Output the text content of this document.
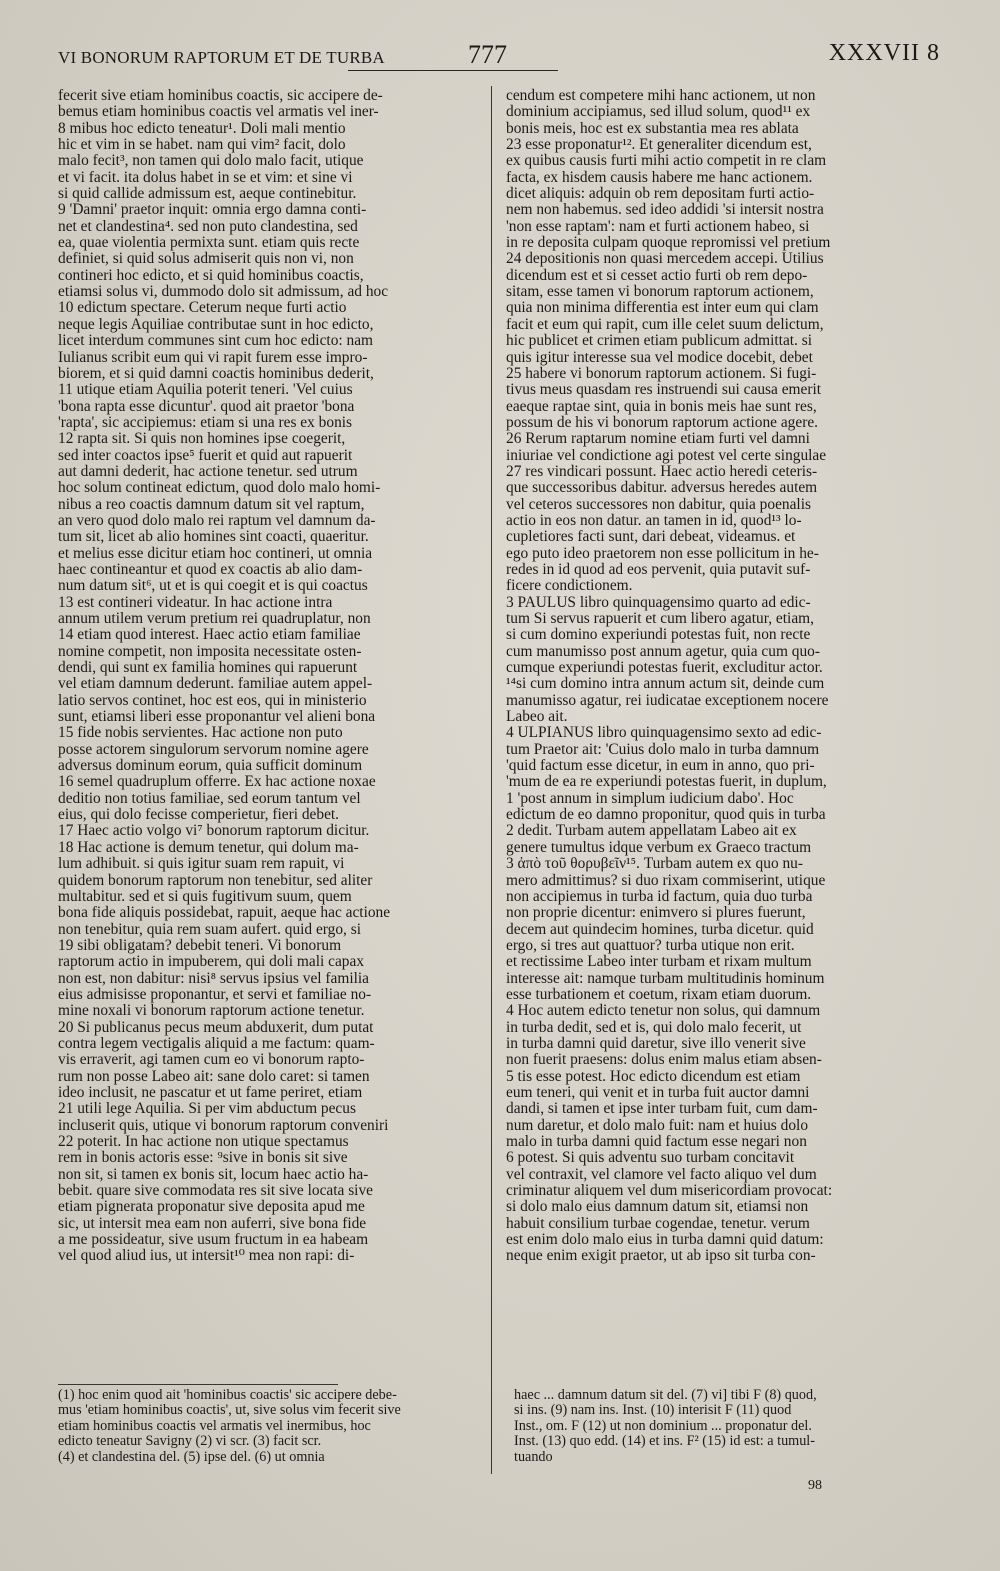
VI BONORUM RAPTORUM ET DE TURBA	777	XXXVII 8

fecerit sive etiam hominibus coactis, sic accipere de-

bemus etiam hominibus coactis vel armatis vel iner-

8 mibus hoc edicto teneatur¹. Doli mali mentio

hic et vim in se habet. nam qui vim² facit, dolo

malo fecit³, non tamen qui dolo malo facit, utique

et vi facit. ita dolus habet in se et vim: et sine vi

si quid callide admissum est, aeque continebitur.

9 'Damni' praetor inquit: omnia ergo damna conti-

net et clandestina⁴. sed non puto clandestina, sed

ea, quae violentia permixta sunt. etiam quis recte

definiet, si quid solus admiserit quis non vi, non

contineri hoc edicto, et si quid hominibus coactis,

etiamsi solus vi, dummodo dolo sit admissum, ad hoc

10 edictum spectare. Ceterum neque furti actio

neque legis Aquiliae contributae sunt in hoc edicto,

licet interdum communes sint cum hoc edicto: nam

Iulianus scribit eum qui vi rapit furem esse impro-

biorem, et si quid damni coactis hominibus dederit,

11 utique etiam Aquilia poterit teneri. 'Vel cuius

'bona rapta esse dicuntur'. quod ait praetor 'bona

'rapta', sic accipiemus: etiam si una res ex bonis

12 rapta sit. Si quis non homines ipse coegerit,

sed inter coactos ipse⁵ fuerit et quid aut rapuerit

aut damni dederit, hac actione tenetur. sed utrum

hoc solum contineat edictum, quod dolo malo homi-

nibus a reo coactis damnum datum sit vel raptum,

an vero quod dolo malo rei raptum vel damnum da-

tum sit, licet ab alio homines sint coacti, quaeritur.

et melius esse dicitur etiam hoc contineri, ut omnia

haec contineantur et quod ex coactis ab alio dam-

num datum sit⁶, ut et is qui coegit et is qui coactus

13 est contineri videatur. In hac actione intra

annum utilem verum pretium rei quadruplatur, non

14 etiam quod interest. Haec actio etiam familiae

nomine competit, non imposita necessitate osten-

dendi, qui sunt ex familia homines qui rapuerunt

vel etiam damnum dederunt. familiae autem appel-

latio servos continet, hoc est eos, qui in ministerio

sunt, etiamsi liberi esse proponantur vel alieni bona

15 fide nobis servientes. Hac actione non puto

posse actorem singulorum servorum nomine agere

adversus dominum eorum, quia sufficit dominum

16 semel quadruplum offerre. Ex hac actione noxae

deditio non totius familiae, sed eorum tantum vel

eius, qui dolo fecisse comperietur, fieri debet.

17 Haec actio volgo vi⁷ bonorum raptorum dicitur.

18 Hac actione is demum tenetur, qui dolum ma-

lum adhibuit. si quis igitur suam rem rapuit, vi

quidem bonorum raptorum non tenebitur, sed aliter

multabitur. sed et si quis fugitivum suum, quem

bona fide aliquis possidebat, rapuit, aeque hac actione

non tenebitur, quia rem suam aufert. quid ergo, si

19 sibi obligatam? debebit teneri. Vi bonorum

raptorum actio in impuberem, qui doli mali capax

non est, non dabitur: nisi⁸ servus ipsius vel familia

eius admisisse proponantur, et servi et familiae no-

mine noxali vi bonorum raptorum actione tenetur.

20 Si publicanus pecus meum abduxerit, dum putat

contra legem vectigalis aliquid a me factum: quam-

vis erraverit, agi tamen cum eo vi bonorum rapto-

rum non posse Labeo ait: sane dolo caret: si tamen

ideo inclusit, ne pascatur et ut fame periret, etiam

21 utili lege Aquilia. Si per vim abductum pecus

incluserit quis, utique vi bonorum raptorum conveniri

22 poterit. In hac actione non utique spectamus

rem in bonis actoris esse: ⁹sive in bonis sit sive

non sit, si tamen ex bonis sit, locum haec actio ha-

bebit. quare sive commodata res sit sive locata sive

etiam pignerata proponatur sive deposita apud me

sic, ut intersit mea eam non auferri, sive bona fide

a me possideatur, sive usum fructum in ea habeam

vel quod aliud ius, ut intersit¹⁰ mea non rapi: di-

cendum est competere mihi hanc actionem, ut non

dominium accipiamus, sed illud solum, quod¹¹ ex

bonis meis, hoc est ex substantia mea res ablata

23 esse proponatur¹². Et generaliter dicendum est,

ex quibus causis furti mihi actio competit in re clam

facta, ex hisdem causis habere me hanc actionem.

dicet aliquis: adquin ob rem depositam furti actio-

nem non habemus. sed ideo addidi 'si intersit nostra

'non esse raptam': nam et furti actionem habeo, si

in re deposita culpam quoque repromissi vel pretium

24 depositionis non quasi mercedem accepi. Utilius

dicendum est et si cesset actio furti ob rem depo-

sitam, esse tamen vi bonorum raptorum actionem,

quia non minima differentia est inter eum qui clam

facit et eum qui rapit, cum ille celet suum delictum,

hic publicet et crimen etiam publicum admittat. si

quis igitur interesse sua vel modice docebit, debet

25 habere vi bonorum raptorum actionem. Si fugi-

tivus meus quasdam res instruendi sui causa emerit

eaeque raptae sint, quia in bonis meis hae sunt res,

possum de his vi bonorum raptorum actione agere.

26 Rerum raptarum nomine etiam furti vel damni

iniuriae vel condictione agi potest vel certe singulae

27 res vindicari possunt. Haec actio heredi ceteris-

que successoribus dabitur. adversus heredes autem

vel ceteros successores non dabitur, quia poenalis

actio in eos non datur. an tamen in id, quod¹³ lo-

cupletiores facti sunt, dari debeat, videamus. et

ego puto ideo praetorem non esse pollicitum in he-

redes in id quod ad eos pervenit, quia putavit suf-

ficere condictionem.

3 PAULUS libro quinquagensimo quarto ad edic-

tum Si servus rapuerit et cum libero agatur, etiam,

si cum domino experiundi potestas fuit, non recte

cum manumisso post annum agetur, quia cum quo-

cumque experiundi potestas fuerit, excluditur actor.

¹⁴si cum domino intra annum actum sit, deinde cum

manumisso agatur, rei iudicatae exceptionem nocere

Labeo ait.

4 ULPIANUS libro quinquagensimo sexto ad edic-

tum Praetor ait: 'Cuius dolo malo in turba damnum

'quid factum esse dicetur, in eum in anno, quo pri-

'mum de ea re experiundi potestas fuerit, in duplum,

1 'post annum in simplum iudicium dabo'. Hoc

edictum de eo damno proponitur, quod quis in turba

2 dedit. Turbam autem appellatam Labeo ait ex

genere tumultus idque verbum ex Graeco tractum

3 ἀπὸ τοῦ θορυβεῖν¹⁵. Turbam autem ex quo nu-

mero admittimus? si duo rixam commiserint, utique

non accipiemus in turba id factum, quia duo turba

non proprie dicentur: enimvero si plures fuerunt,

decem aut quindecim homines, turba dicetur. quid

ergo, si tres aut quattuor? turba utique non erit.

et rectissime Labeo inter turbam et rixam multum

interesse ait: namque turbam multitudinis hominum

esse turbationem et coetum, rixam etiam duorum.

4 Hoc autem edicto tenetur non solus, qui damnum

in turba dedit, sed et is, qui dolo malo fecerit, ut

in turba damni quid daretur, sive illo venerit sive

non fuerit praesens: dolus enim malus etiam absen-

5 tis esse potest. Hoc edicto dicendum est etiam

eum teneri, qui venit et in turba fuit auctor damni

dandi, si tamen et ipse inter turbam fuit, cum dam-

num daretur, et dolo malo fuit: nam et huius dolo

malo in turba damni quid factum esse negari non

6 potest. Si quis adventu suo turbam concitavit

vel contraxit, vel clamore vel facto aliquo vel dum

criminatur aliquem vel dum misericordiam provocat:

si dolo malo eius damnum datum sit, etiamsi non

habuit consilium turbae cogendae, tenetur. verum

est enim dolo malo eius in turba damni quid datum:

neque enim exigit praetor, ut ab ipso sit turba con-

(1) hoc enim quod ait 'hominibus coactis' sic accipere debe-

mus 'etiam hominibus coactis', ut, sive solus vim fecerit sive

etiam hominibus coactis vel armatis vel inermibus, hoc

edicto teneatur Savigny (2) vi scr. (3) facit scr.

(4) et clandestina del. (5) ipse del. (6) ut omnia

haec ... damnum datum sit del. (7) vi] tibi F (8) quod,

si ins. (9) nam ins. Inst. (10) interisit F (11) quod

Inst., om. F (12) ut non dominium ... proponatur del.

Inst. (13) quo edd. (14) et ins. F² (15) id est: a tumul-

tuando

98
